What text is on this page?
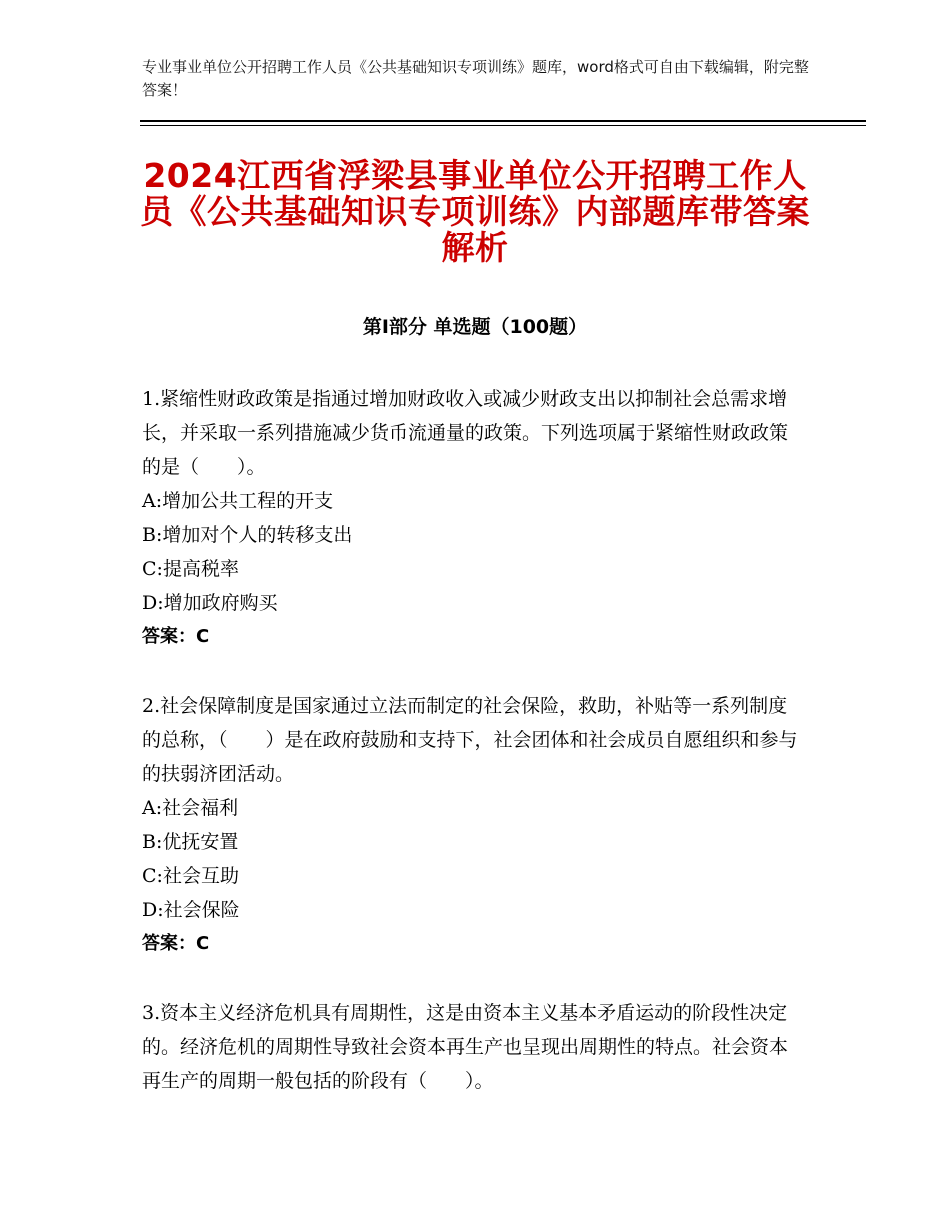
专业事业单位公开招聘工作人员《公共基础知识专项训练》题库，word格式可自由下载编辑，附完整答案！
2024江西省浮梁县事业单位公开招聘工作人员《公共基础知识专项训练》内部题库带答案解析
第Ⅰ部分 单选题（100题）

1.紧缩性财政政策是指通过增加财政收入或减少财政支出以抑制社会总需求增长，并采取一系列措施减少货币流通量的政策。下列选项属于紧缩性财政政策的是（　　）。

A:增加公共工程的开支
B:增加对个人的转移支出
C:提高税率
D:增加政府购买

答案：C

2.社会保障制度是国家通过立法而制定的社会保险，救助，补贴等一系列制度的总称，（　　）是在政府鼓励和支持下，社会团体和社会成员自愿组织和参与的扶弱济团活动。

A:社会福利
B:优抚安置
C:社会互助
D:社会保险

答案：C

3.资本主义经济危机具有周期性，这是由资本主义基本矛盾运动的阶段性决定的。经济危机的周期性导致社会资本再生产也呈现出周期性的特点。社会资本再生产的周期一般包括的阶段有（　　）。
